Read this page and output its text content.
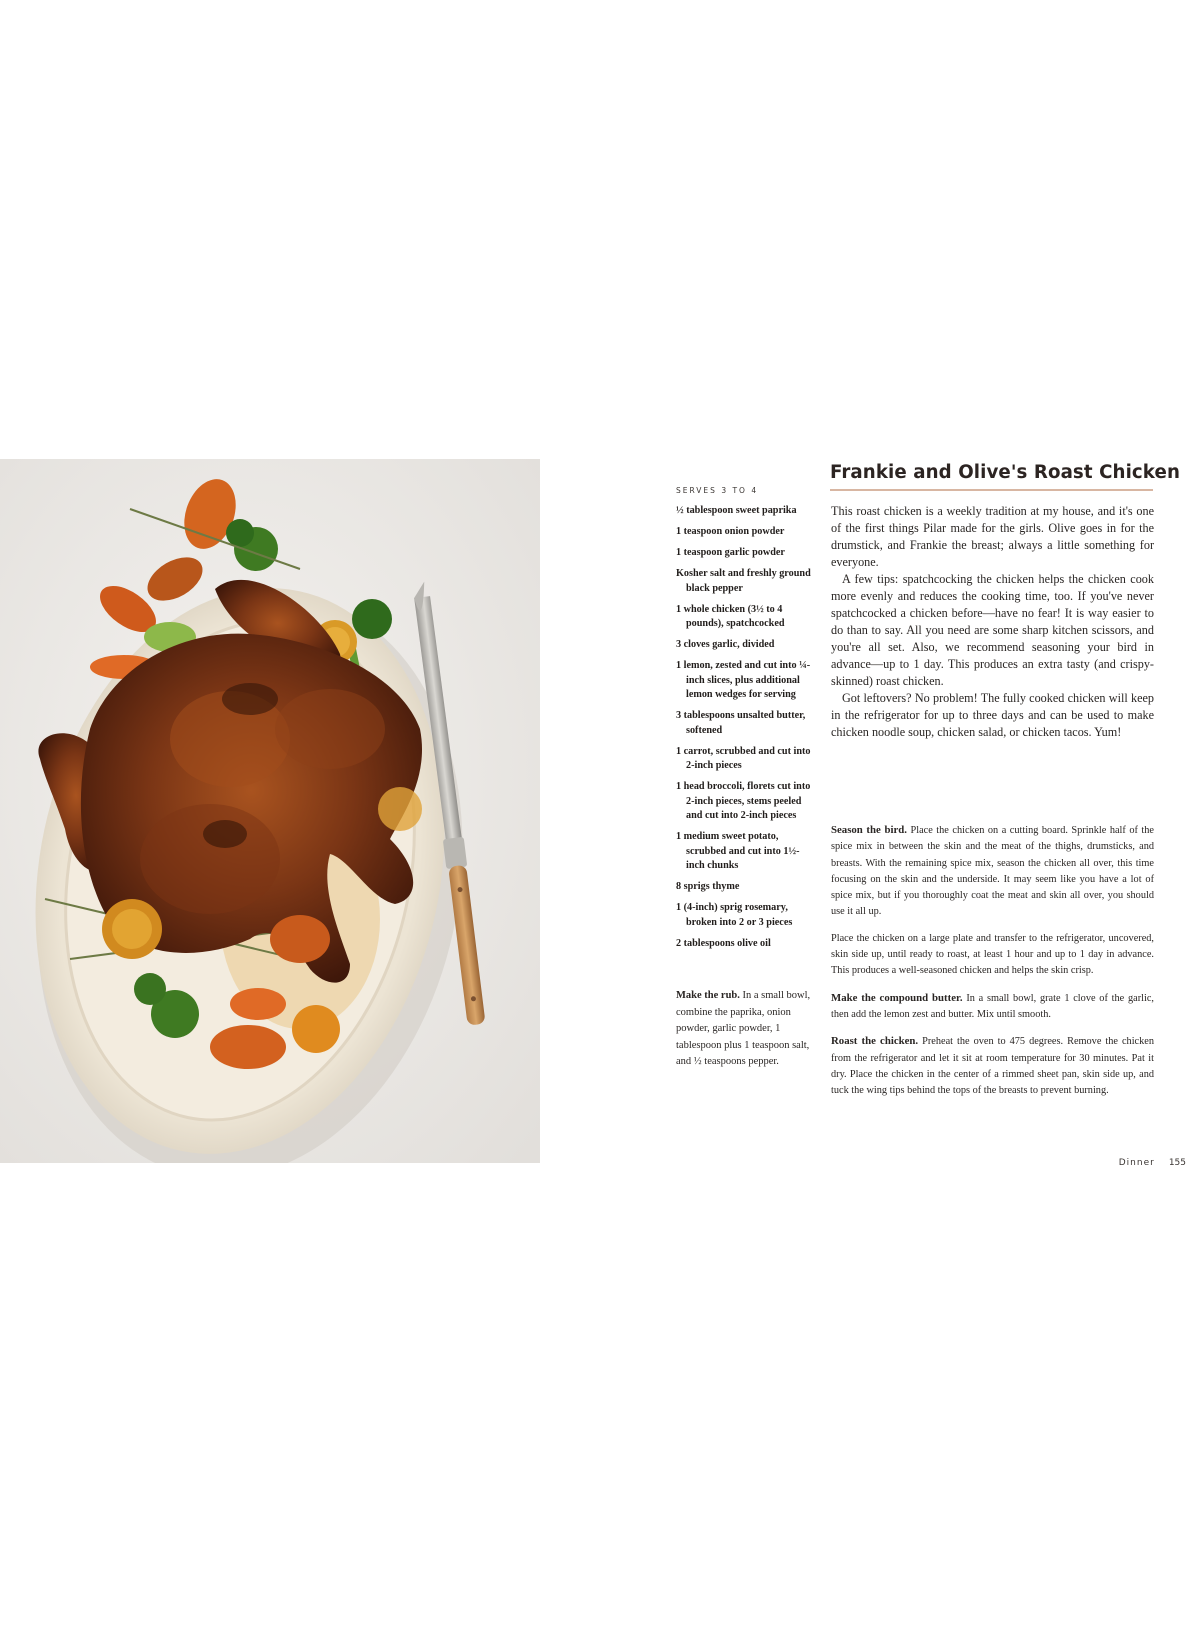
Frankie and Olive's Roast Chicken
SERVES 3 TO 4
½ tablespoon sweet paprika
1 teaspoon onion powder
1 teaspoon garlic powder
Kosher salt and freshly ground black pepper
1 whole chicken (3½ to 4 pounds), spatchcocked
3 cloves garlic, divided
1 lemon, zested and cut into ¼-inch slices, plus additional lemon wedges for serving
3 tablespoons unsalted butter, softened
1 carrot, scrubbed and cut into 2-inch pieces
1 head broccoli, florets cut into 2-inch pieces, stems peeled and cut into 2-inch pieces
1 medium sweet potato, scrubbed and cut into 1½-inch chunks
8 sprigs thyme
1 (4-inch) sprig rosemary, broken into 2 or 3 pieces
2 tablespoons olive oil

Make the rub. In a small bowl, combine the paprika, onion powder, garlic powder, 1 tablespoon plus 1 teaspoon salt, and ½ teaspoons pepper.

This roast chicken is a weekly tradition at my house, and it's one of the first things Pilar made for the girls. Olive goes in for the drumstick, and Frankie the breast; always a little something for everyone.

A few tips: spatchcocking the chicken helps the chicken cook more evenly and reduces the cooking time, too. If you've never spatchcocked a chicken before—have no fear! It is way easier to do than to say. All you need are some sharp kitchen scissors, and you're all set. Also, we recommend seasoning your bird in advance—up to 1 day. This produces an extra tasty (and crispy-skinned) roast chicken.

Got leftovers? No problem! The fully cooked chicken will keep in the refrigerator for up to three days and can be used to make chicken noodle soup, chicken salad, or chicken tacos. Yum!

Season the bird. Place the chicken on a cutting board. Sprinkle half of the spice mix in between the skin and the meat of the thighs, drumsticks, and breasts. With the remaining spice mix, season the chicken all over, this time focusing on the skin and the underside. It may seem like you have a lot of spice mix, but if you thoroughly coat the meat and skin all over, you should use it all up.

Place the chicken on a large plate and transfer to the refrigerator, uncovered, skin side up, until ready to roast, at least 1 hour and up to 1 day in advance. This produces a well-seasoned chicken and helps the skin crisp.

Make the compound butter. In a small bowl, grate 1 clove of the garlic, then add the lemon zest and butter. Mix until smooth.

Roast the chicken. Preheat the oven to 475 degrees. Remove the chicken from the refrigerator and let it sit at room temperature for 30 minutes. Pat it dry. Place the chicken in the center of a rimmed sheet pan, skin side up, and tuck the wing tips behind the tops of the breasts to prevent burning.

Dinner 155
